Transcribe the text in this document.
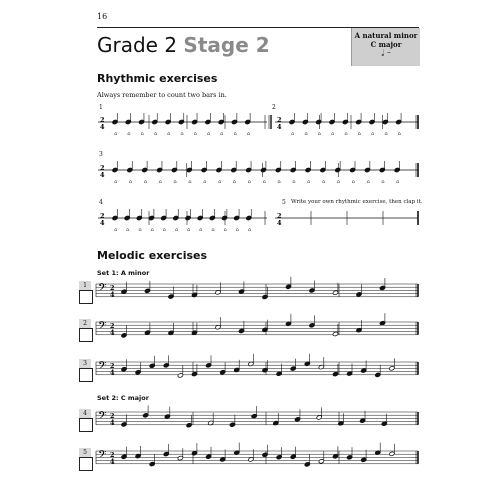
16
Grade 2 Stage 2	A natural minor
C major
𝅗𝅥 𝄼
Rhythmic exercises
Always remember to count two bars in.
1	2
3
4	5 Write your own rhythmic exercise, then clap it.
Melodic exercises
Set 1: A minor
Set 2: C major
1
2
3
4
5
2
4
⌂ ⌂ ⌂ ⌂ ⌂ ⌂ ⌂ ⌂ ⌂ ⌂ ⌂
2
4
⌂ ⌂ ⌂ ⌂ ⌂ ⌂ ⌂ ⌂ ⌂
2
4
⌂ ⌂ ⌂ ⌂ ⌂ ⌂ ⌂ ⌂ ⌂ ⌂ ⌂ ⌂ ⌂ ⌂ ⌂ ⌂ ⌂ ⌂ ⌂ ⌂
2
4
⌂ ⌂ ⌂ ⌂ ⌂ ⌂ ⌂ ⌂ ⌂ ⌂ ⌂ ⌂
2
4
𝄢 2
4
𝄢 2
4
𝄢 2
4
𝄢 2
4
𝄢 2
4
